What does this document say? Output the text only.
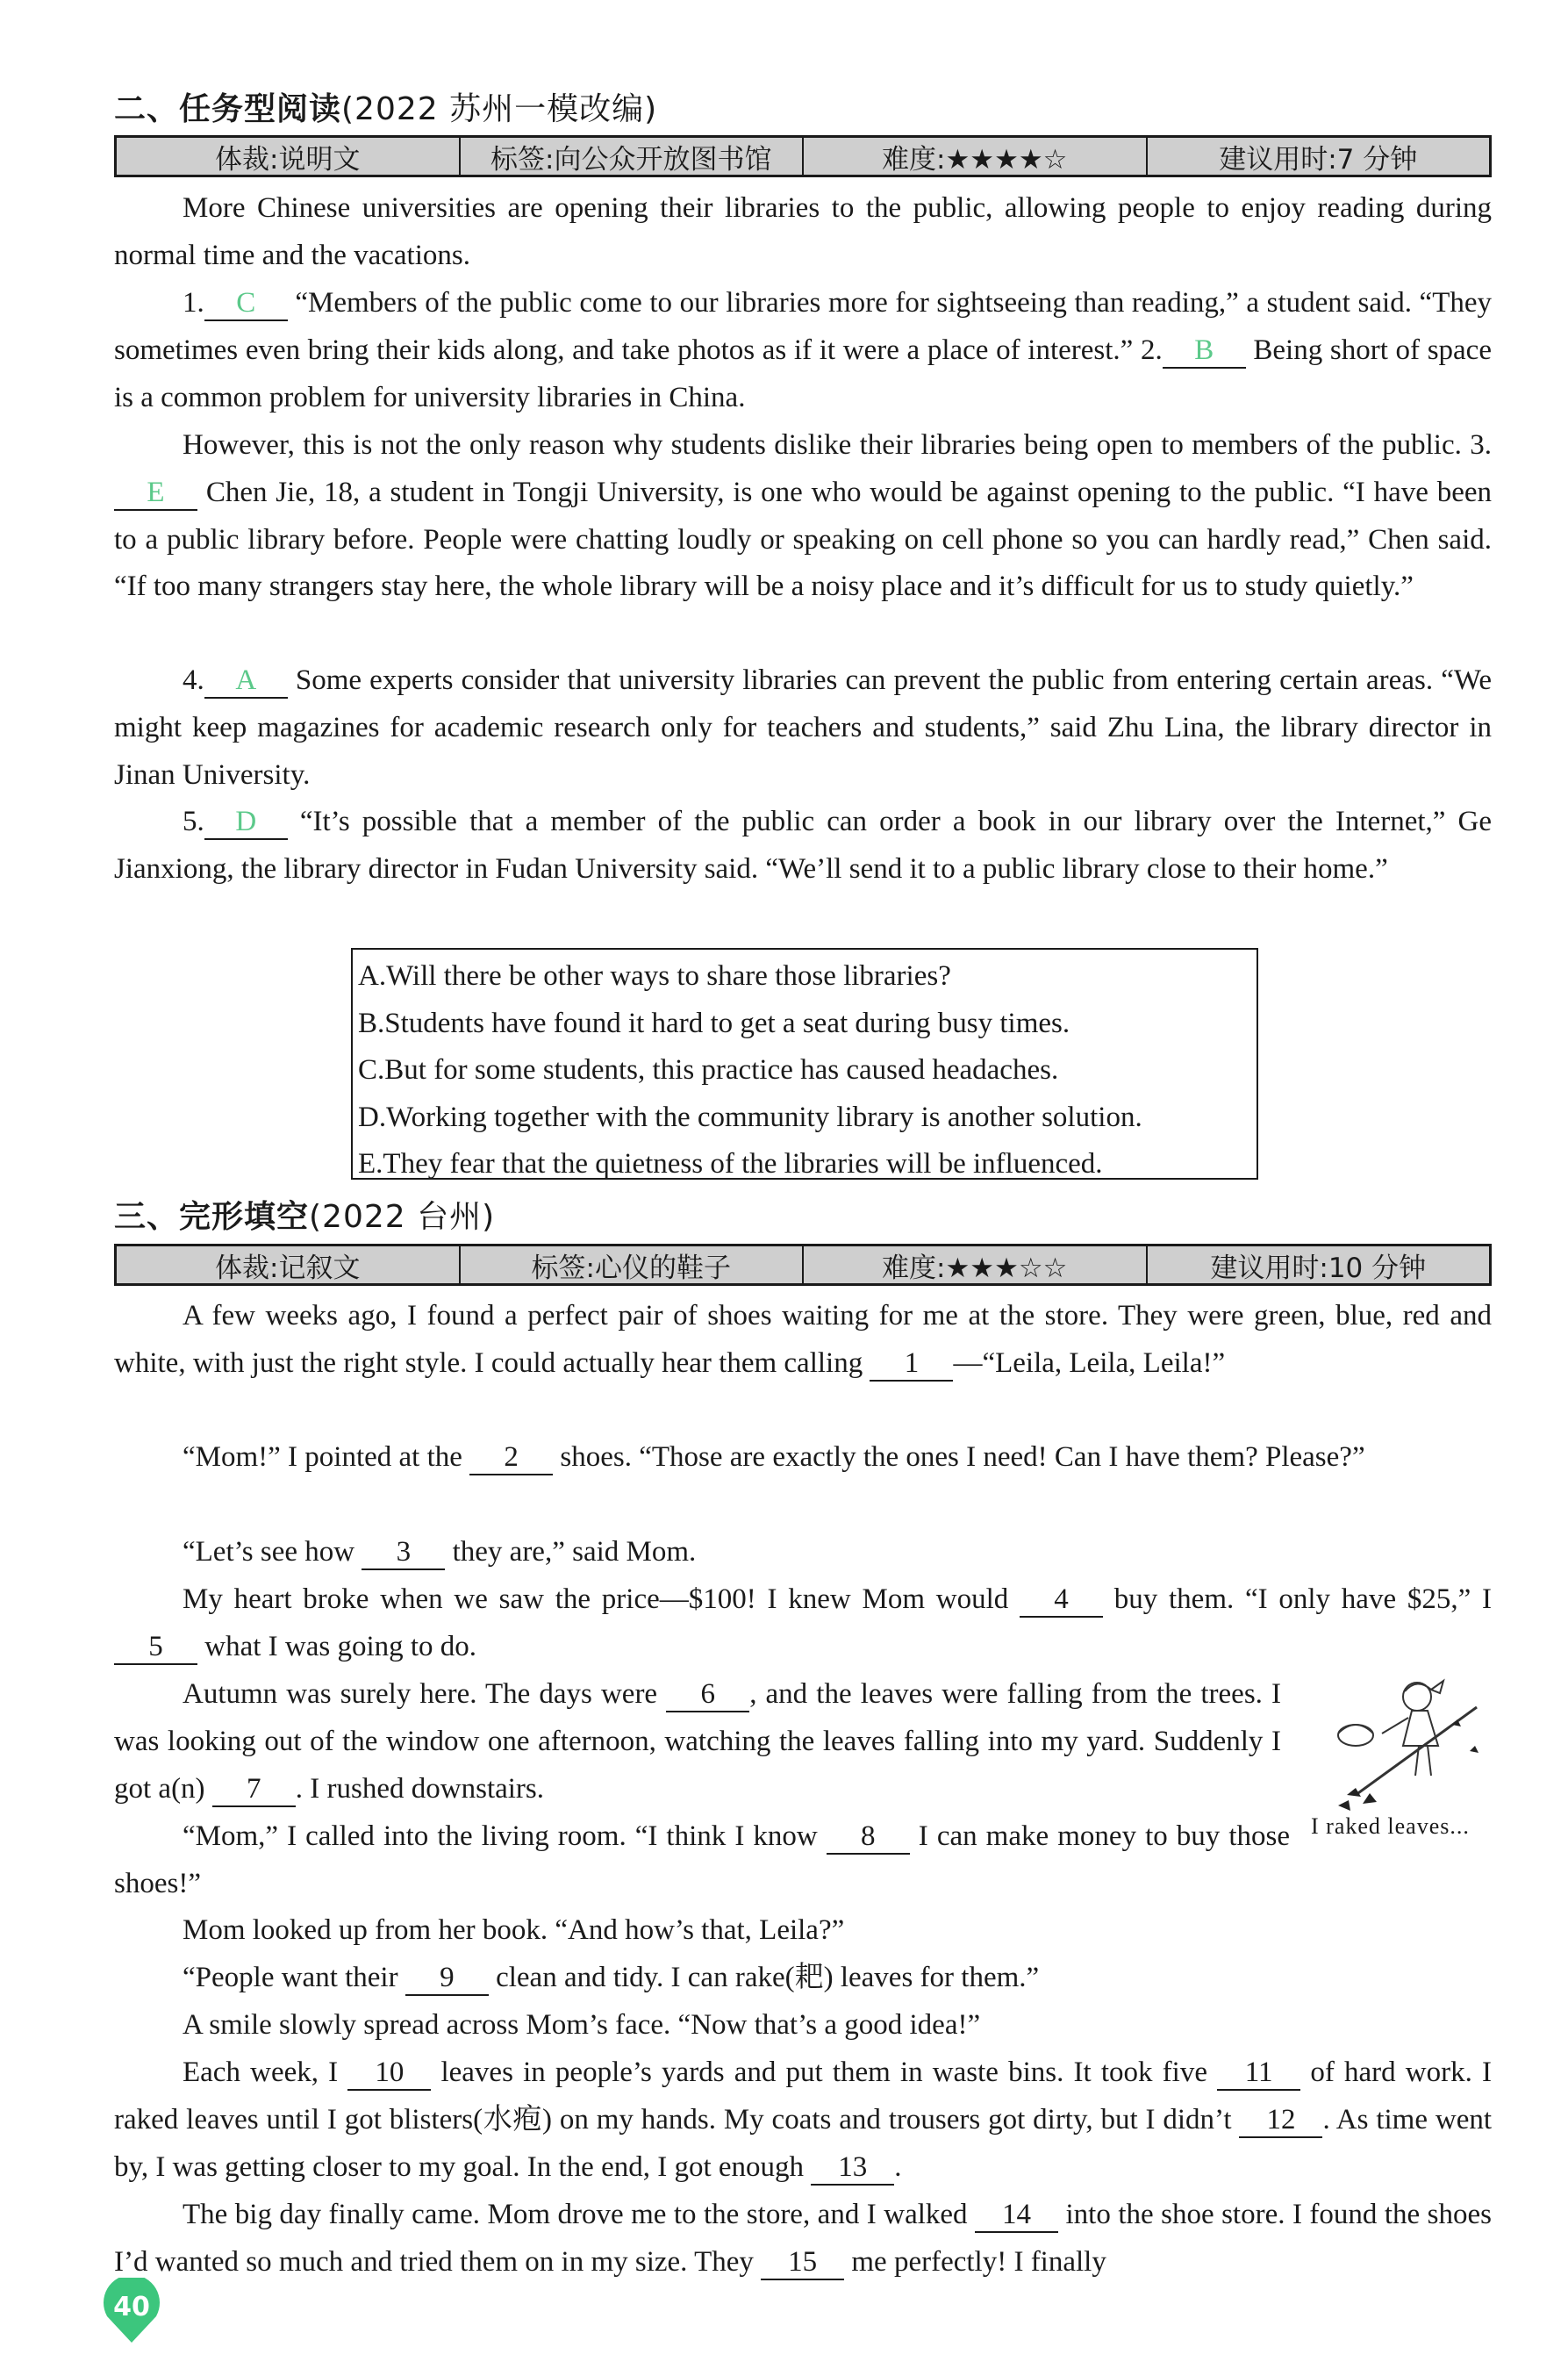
二、任务型阅读(2022 苏州一模改编)
体裁:说明文	标签:向公众开放图书馆	难度:★★★★☆	建议用时:7 分钟
More Chinese universities are opening their libraries to the public, allowing people to enjoy reading during normal time and the vacations.
1. C “Members of the public come to our libraries more for sightseeing than reading,” a student said. “They sometimes even bring their kids along, and take photos as if it were a place of interest.” 2. B Being short of space is a common problem for university libraries in China.
However, this is not the only reason why students dislike their libraries being open to members of the public. 3.E Chen Jie, 18, a student in Tongji University, is one who would be against opening to the public. “I have been to a public library before. People were chatting loudly or speaking on cell phone so you can hardly read,” Chen said. “If too many strangers stay here, the whole library will be a noisy place and it’s difficult for us to study quietly.”
4. A Some experts consider that university libraries can prevent the public from entering certain areas. “We might keep magazines for academic research only for teachers and students,” said Zhu Lina, the library director in Jinan University.
5. D “It’s possible that a member of the public can order a book in our library over the Internet,” Ge Jianxiong, the library director in Fudan University said. “We’ll send it to a public library close to their home.”
A.Will there be other ways to share those libraries?
B.Students have found it hard to get a seat during busy times.
C.But for some students, this practice has caused headaches.
D.Working together with the community library is another solution.
E.They fear that the quietness of the libraries will be influenced.
三、完形填空(2022 台州)
体裁:记叙文	标签:心仪的鞋子	难度:★★★☆☆	建议用时:10 分钟
A few weeks ago, I found a perfect pair of shoes waiting for me at the store. They were green, blue, red and white, with just the right style. I could actually hear them calling 1 —“Leila, Leila, Leila!”
“Mom!” I pointed at the 2 shoes. “Those are exactly the ones I need! Can I have them? Please?”
“Let’s see how 3 they are,” said Mom.
My heart broke when we saw the price—$100! I knew Mom would 4 buy them. “I only have $25,” I 5 what I was going to do.
Autumn was surely here. The days were 6 , and the leaves were falling from the trees. I was looking out of the window one afternoon, watching the leaves falling into my yard. Suddenly I got a(n) 7 . I rushed downstairs.
“Mom,” I called into the living room. “I think I know 8 I can make money to buy those shoes!”
Mom looked up from her book. “And how’s that, Leila?”
“People want their 9 clean and tidy. I can rake(耙) leaves for them.”
A smile slowly spread across Mom’s face. “Now that’s a good idea!”
Each week, I 10 leaves in people’s yards and put them in waste bins. It took five 11 of hard work. I raked leaves until I got blisters(水疱) on my hands. My coats and trousers got dirty, but I didn’t 12 . As time went by, I was getting closer to my goal. In the end, I got enough 13 .
The big day finally came. Mom drove me to the store, and I walked 14 into the shoe store. I found the shoes I’d wanted so much and tried them on in my size. They 15 me perfectly! I finally
I raked leaves...
40
